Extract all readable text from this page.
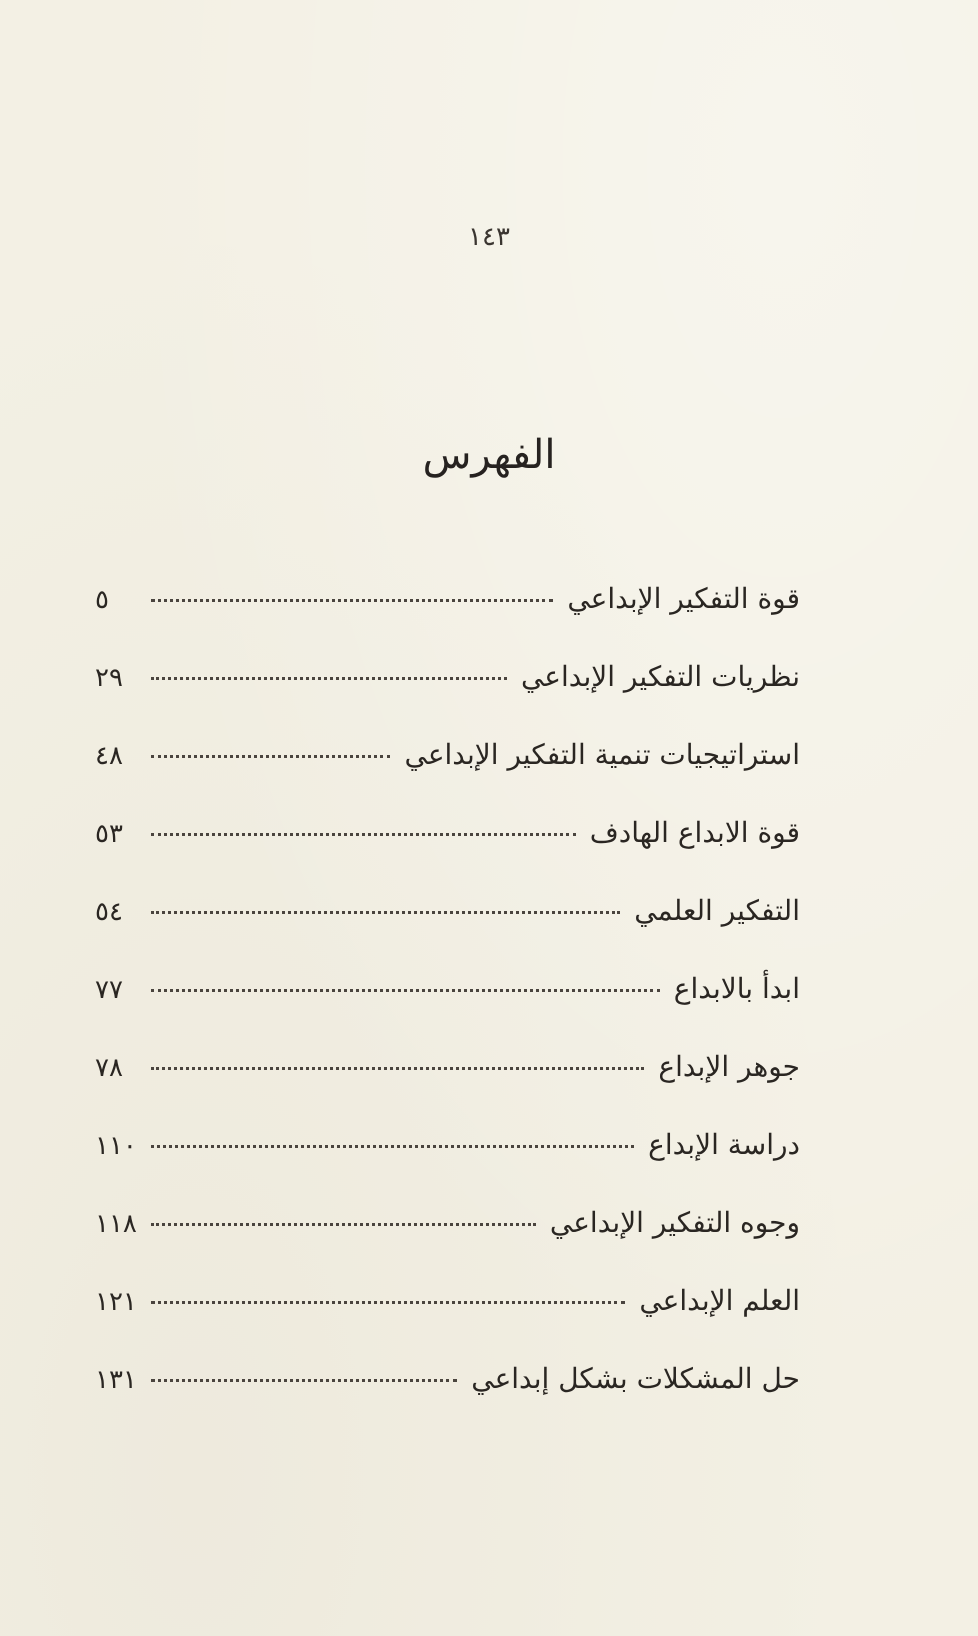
١٤٣
الفهرس
قوة التفكير الإبداعي
٥
نظريات التفكير الإبداعي
٢٩
استراتيجيات تنمية التفكير الإبداعي
٤٨
قوة الابداع الهادف
٥٣
التفكير العلمي
٥٤
ابدأ بالابداع
٧٧
جوهر الإبداع
٧٨
دراسة الإبداع
١١٠
وجوه التفكير الإبداعي
١١٨
العلم الإبداعي
١٢١
حل المشكلات بشكل إبداعي
١٣١
